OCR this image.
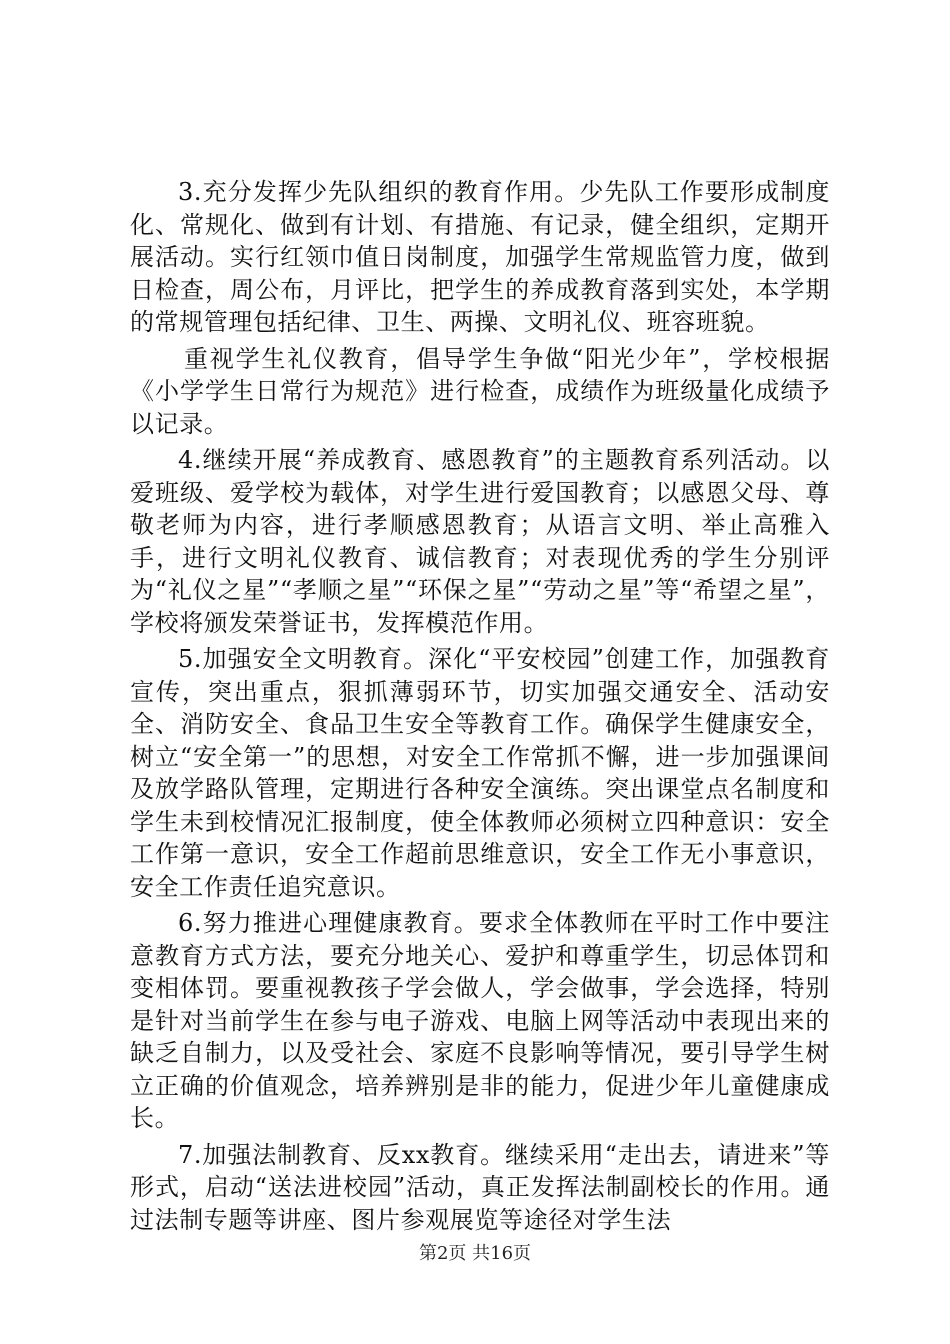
3.充分发挥少先队组织的教育作用。少先队工作要形成制度化、常规化、做到有计划、有措施、有记录，健全组织，定期开展活动。实行红领巾值日岗制度，加强学生常规监管力度，做到日检查，周公布，月评比，把学生的养成教育落到实处，本学期的常规管理包括纪律、卫生、两操、文明礼仪、班容班貌。

重视学生礼仪教育，倡导学生争做“阳光少年”，学校根据《小学学生日常行为规范》进行检查，成绩作为班级量化成绩予以记录。

4.继续开展“养成教育、感恩教育”的主题教育系列活动。以爱班级、爱学校为载体，对学生进行爱国教育；以感恩父母、尊敬老师为内容，进行孝顺感恩教育；从语言文明、举止高雅入手，进行文明礼仪教育、诚信教育；对表现优秀的学生分别评为“礼仪之星”“孝顺之星”“环保之星”“劳动之星”等“希望之星”，学校将颁发荣誉证书，发挥模范作用。

5.加强安全文明教育。深化“平安校园”创建工作，加强教育宣传，突出重点，狠抓薄弱环节，切实加强交通安全、活动安全、消防安全、食品卫生安全等教育工作。确保学生健康安全，树立“安全第一”的思想，对安全工作常抓不懈，进一步加强课间及放学路队管理，定期进行各种安全演练。突出课堂点名制度和学生未到校情况汇报制度，使全体教师必须树立四种意识：安全工作第一意识，安全工作超前思维意识，安全工作无小事意识，安全工作责任追究意识。

6.努力推进心理健康教育。要求全体教师在平时工作中要注意教育方式方法，要充分地关心、爱护和尊重学生，切忌体罚和变相体罚。要重视教孩子学会做人，学会做事，学会选择，特别是针对当前学生在参与电子游戏、电脑上网等活动中表现出来的缺乏自制力，以及受社会、家庭不良影响等情况，要引导学生树立正确的价值观念，培养辨别是非的能力，促进少年儿童健康成长。

7.加强法制教育、反xx教育。继续采用“走出去，请进来”等形式，启动“送法进校园”活动，真正发挥法制副校长的作用。通过法制专题等讲座、图片参观展览等途径对学生法

第2页 共16页
